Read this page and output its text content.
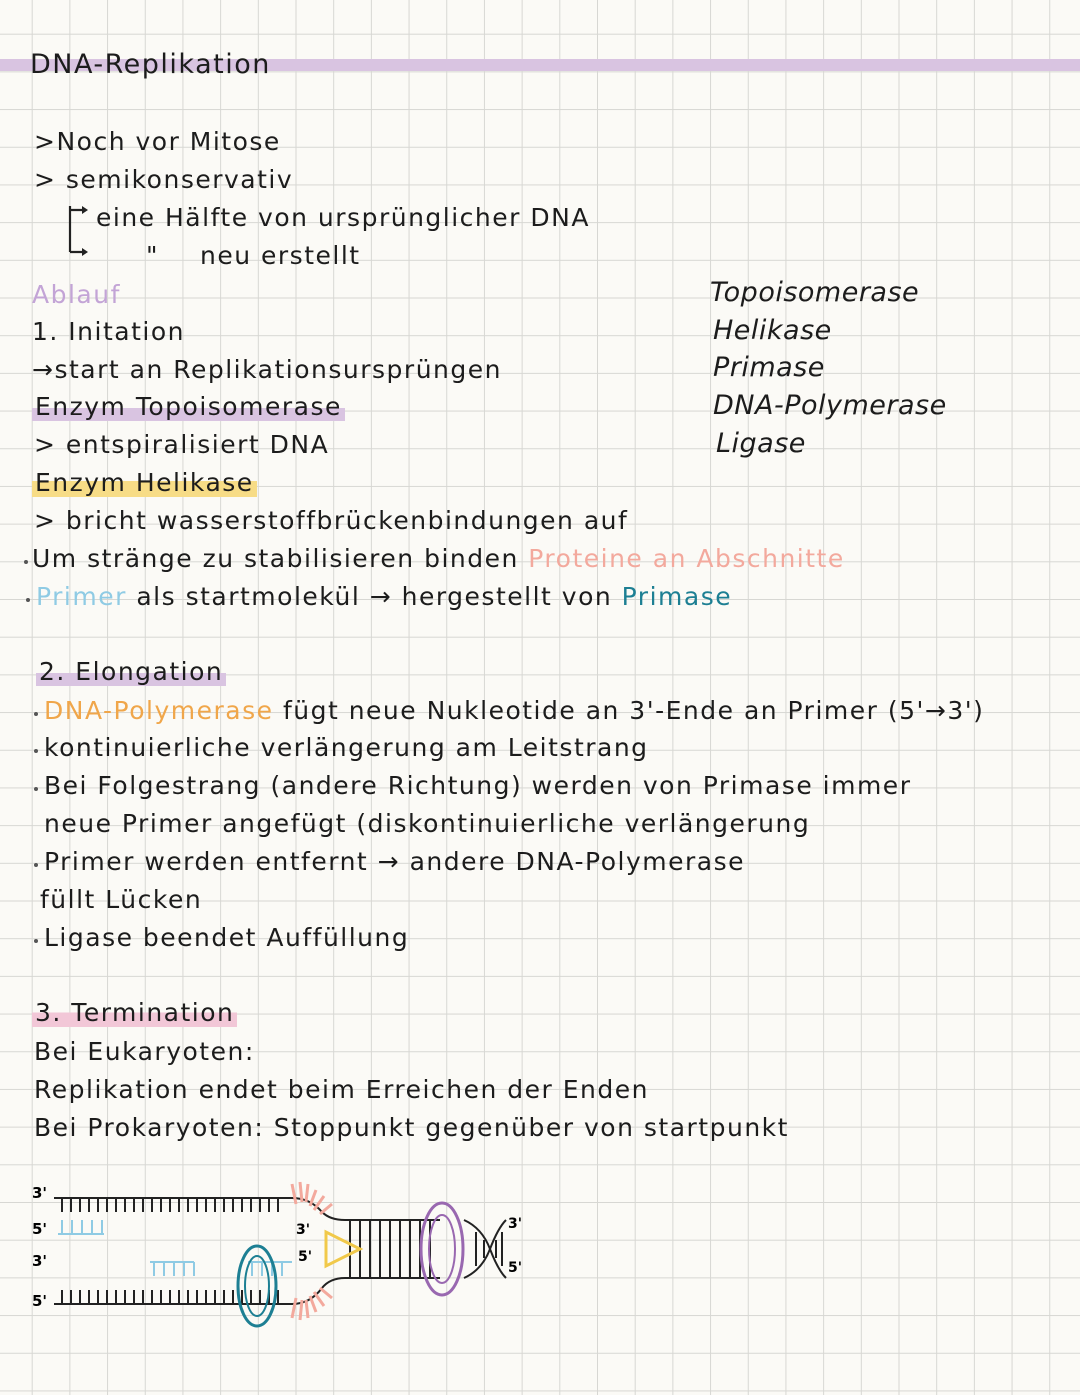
DNA-Replikation
>Noch vor Mitose
> semikonservativ
eine Hälfte von ursprünglicher DNA
" neu erstellt
Ablauf	Topoisomerase
Helikase
Primase
DNA-Polymerase
Ligase
1. Initation
→start an Replikationsursprüngen
Enzym Topoisomerase
> entspiralisiert DNA
Enzym Helikase
> bricht wasserstoffbrückenbindungen auf
Um stränge zu stabilisieren binden Proteine an Abschnitte
Primer als startmolekül → hergestellt von Primase
2. Elongation
DNA-Polymerase fügt neue Nukleotide an 3'-Ende an Primer (5'→3')
kontinuierliche verlängerung am Leitstrang
Bei Folgestrang (andere Richtung) werden von Primase immer
neue Primer angefügt (diskontinuierliche verlängerung
Primer werden entfernt → andere DNA-Polymerase
füllt Lücken
Ligase beendet Auffüllung
3. Termination
Bei Eukaryoten:
Replikation endet beim Erreichen der Enden
Bei Prokaryoten: Stoppunkt gegenüber von startpunkt
3'
5'
3'
5'
3'
5'
3'
5'
